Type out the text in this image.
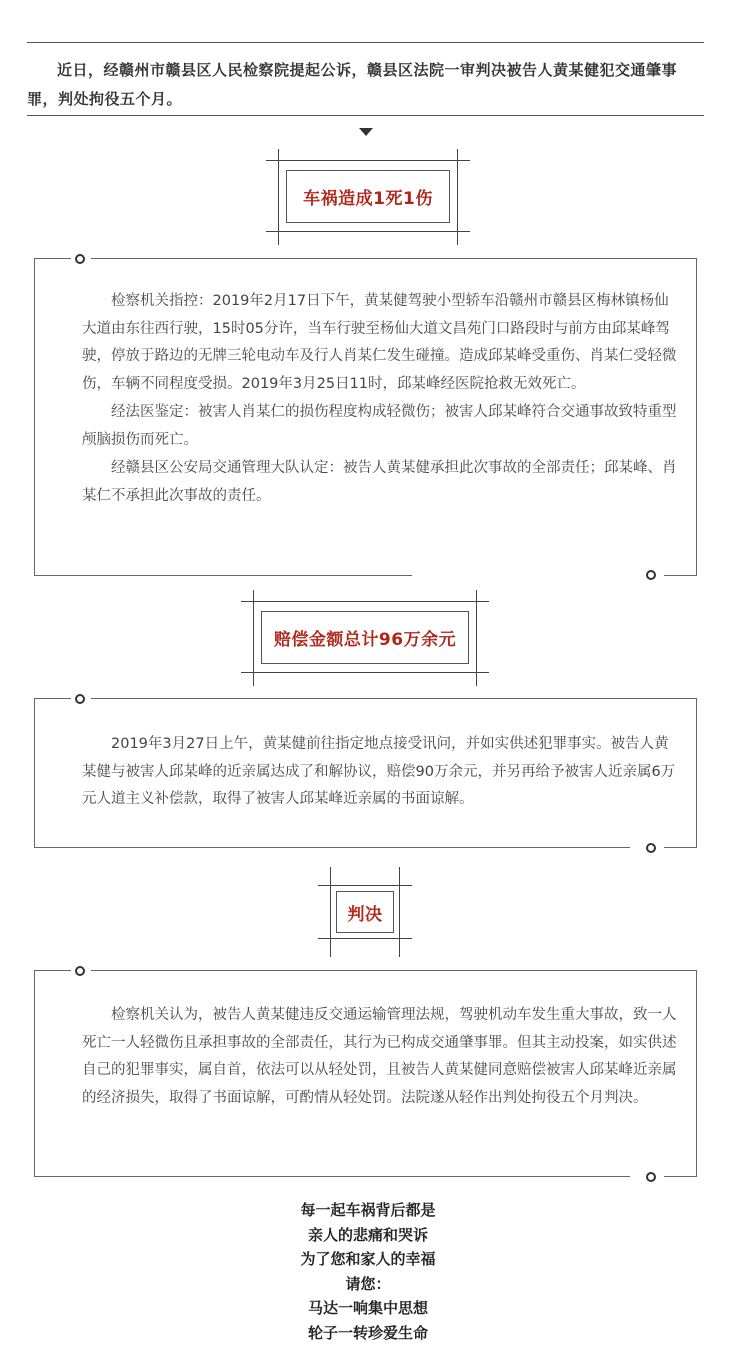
近日，经赣州市赣县区人民检察院提起公诉，赣县区法院一审判决被告人黄某健犯交通肇事罪，判处拘役五个月。

车祸造成1死1伤

检察机关指控：2019年2月17日下午，黄某健驾驶小型轿车沿赣州市赣县区梅林镇杨仙大道由东往西行驶，15时05分许，当车行驶至杨仙大道文昌苑门口路段时与前方由邱某峰驾驶，停放于路边的无牌三轮电动车及行人肖某仁发生碰撞。造成邱某峰受重伤、肖某仁受轻微伤，车辆不同程度受损。2019年3月25日11时，邱某峰经医院抢救无效死亡。

经法医鉴定：被害人肖某仁的损伤程度构成轻微伤；被害人邱某峰符合交通事故致特重型颅脑损伤而死亡。

经赣县区公安局交通管理大队认定：被告人黄某健承担此次事故的全部责任；邱某峰、肖某仁不承担此次事故的责任。

赔偿金额总计96万余元

2019年3月27日上午，黄某健前往指定地点接受讯问，并如实供述犯罪事实。被告人黄某健与被害人邱某峰的近亲属达成了和解协议，赔偿90万余元，并另再给予被害人近亲属6万元人道主义补偿款，取得了被害人邱某峰近亲属的书面谅解。

判决

检察机关认为，被告人黄某健违反交通运输管理法规，驾驶机动车发生重大事故，致一人死亡一人轻微伤且承担事故的全部责任，其行为已构成交通肇事罪。但其主动投案，如实供述自己的犯罪事实，属自首，依法可以从轻处罚，且被告人黄某健同意赔偿被害人邱某峰近亲属的经济损失，取得了书面谅解，可酌情从轻处罚。法院遂从轻作出判处拘役五个月判决。

每一起车祸背后都是
亲人的悲痛和哭诉
为了您和家人的幸福
请您：
马达一响集中思想
轮子一转珍爱生命
